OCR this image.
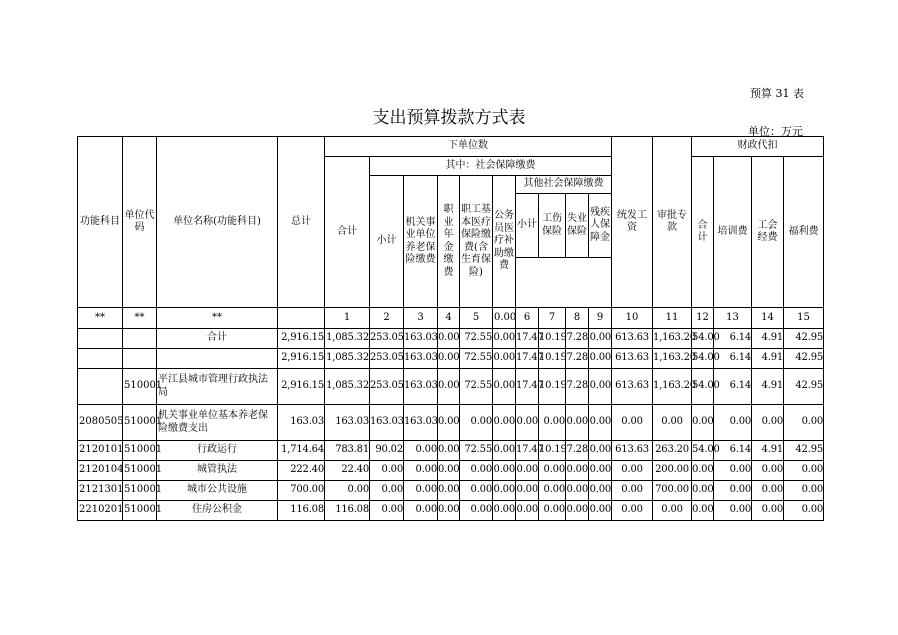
预算 31 表
支出预算拨款方式表
单位：万元
功能科目	单位代码	单位名称(功能科目)	总计	下单位数										统发工资	审批专款	财政代扣			
				合计	其中：社会保障缴费											合计	培训费	工会经费	福利费
					小计	机关事业单位养老保险缴费	职业年金缴费	职工基本医疗保险缴费(含生育保险)	公务员医疗补助缴费	其他社会保障缴费									
										小计	工伤保险	失业保险	残疾人保障金						

**	**	**		1	2	3	4	5	0.00	6	7	8	9	10	11	12	13	14	15
		合计	2,916.15	1,085.32	253.05	163.03	0.00	72.55	0.00	17.47	10.19	7.28	0.00	613.63	1,163.20	54.00	6.14	4.91	42.95
			2,916.15	1,085.32	253.05	163.03	0.00	72.55	0.00	17.47	10.19	7.28	0.00	613.63	1,163.20	54.00	6.14	4.91	42.95
	510001	平江县城市管理行政执法局	2,916.15	1,085.32	253.05	163.03	0.00	72.55	0.00	17.47	10.19	7.28	0.00	613.63	1,163.20	54.00	6.14	4.91	42.95
2080505	510001	机关事业单位基本养老保险缴费支出	163.03	163.03	163.03	163.03	0.00	0.00	0.00	0.00	0.00	0.00	0.00	0.00	0.00	0.00	0.00	0.00	0.00
2120101	510001	行政运行	1,714.64	783.81	90.02	0.00	0.00	72.55	0.00	17.47	10.19	7.28	0.00	613.63	263.20	54.00	6.14	4.91	42.95
2120104	510001	城管执法	222.40	22.40	0.00	0.00	0.00	0.00	0.00	0.00	0.00	0.00	0.00	0.00	200.00	0.00	0.00	0.00	0.00
2121301	510001	城市公共设施	700.00	0.00	0.00	0.00	0.00	0.00	0.00	0.00	0.00	0.00	0.00	0.00	700.00	0.00	0.00	0.00	0.00
2210201	510001	住房公积金	116.08	116.08	0.00	0.00	0.00	0.00	0.00	0.00	0.00	0.00	0.00	0.00	0.00	0.00	0.00	0.00	0.00
